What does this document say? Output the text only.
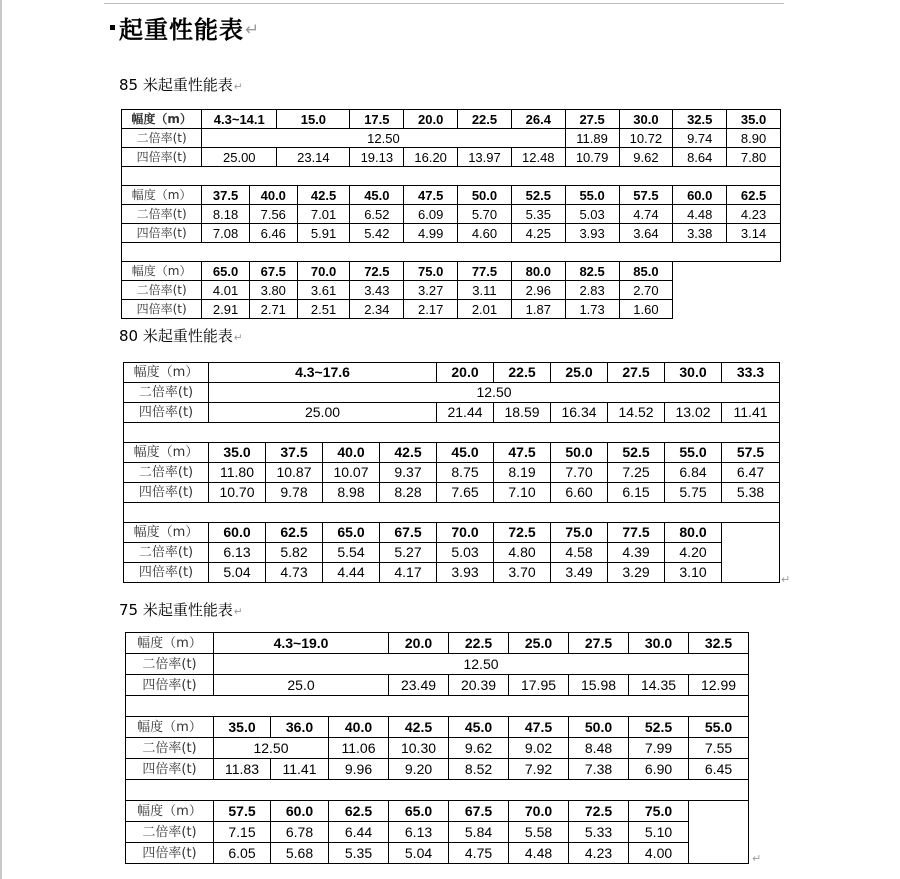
起重性能表↵
85 米起重性能表↵
幅度（m）	4.3~14.1		15.0		17.5	20.0	22.5	26.4	27.5	30.0	32.5	35.0
二倍率(t)	12.50								11.89	10.72	9.74	8.90
四倍率(t)	25.00		23.14		19.13	16.20	13.97	12.48	10.79	9.62	8.64	7.80

幅度（m）	37.5	40.0		42.5	45.0	47.5	50.0	52.5	55.0	57.5	60.0	62.5
二倍率(t)	8.18	7.56		7.01	6.52	6.09	5.70	5.35	5.03	4.74	4.48	4.23
四倍率(t)	7.08	6.46		5.91	5.42	4.99	4.60	4.25	3.93	3.64	3.38	3.14

幅度（m）	65.0	67.5		70.0	72.5	75.0	77.5	80.0	82.5	85.0		
二倍率(t)	4.01	3.80		3.61	3.43	3.27	3.11	2.96	2.83	2.70		
四倍率(t)	2.91	2.71		2.51	2.34	2.17	2.01	1.87	1.73	1.60		
80 米起重性能表↵
幅度（m）	4.3~17.6				20.0	22.5	25.0	27.5	30.0	33.3
二倍率(t)	12.50									
四倍率(t)	25.00				21.44	18.59	16.34	14.52	13.02	11.41

幅度（m）	35.0	37.5	40.0	42.5	45.0	47.5	50.0	52.5	55.0	57.5
二倍率(t)	11.80	10.87	10.07	9.37	8.75	8.19	7.70	7.25	6.84	6.47
四倍率(t)	10.70	9.78	8.98	8.28	7.65	7.10	6.60	6.15	5.75	5.38

幅度（m）	60.0	62.5	65.0	67.5	70.0	72.5	75.0	77.5	80.0	
二倍率(t)	6.13	5.82	5.54	5.27	5.03	4.80	4.58	4.39	4.20	
四倍率(t)	5.04	4.73	4.44	4.17	3.93	3.70	3.49	3.29	3.10		↵
75 米起重性能表↵
幅度（m）	4.3~19.0			20.0	22.5	25.0	27.5	30.0	32.5
二倍率(t)	12.50								
四倍率(t)	25.0			23.49	20.39	17.95	15.98	14.35	12.99

幅度（m）	35.0	36.0	40.0	42.5	45.0	47.5	50.0	52.5	55.0
二倍率(t)	12.50		11.06	10.30	9.62	9.02	8.48	7.99	7.55
四倍率(t)	11.83	11.41	9.96	9.20	8.52	7.92	7.38	6.90	6.45

幅度（m）	57.5	60.0	62.5	65.0	67.5	70.0	72.5	75.0	
二倍率(t)	7.15	6.78	6.44	6.13	5.84	5.58	5.33	5.10	
四倍率(t)	6.05	5.68	5.35	5.04	4.75	4.48	4.23	4.00		↵
